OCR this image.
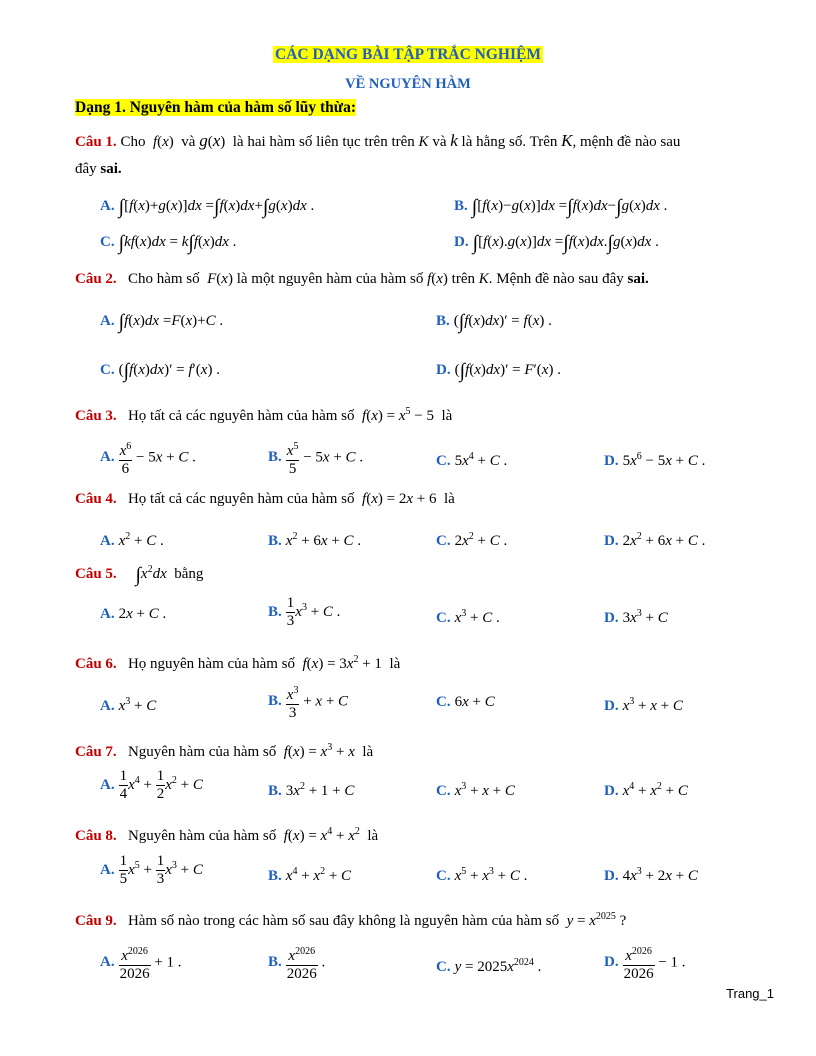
CÁC DẠNG BÀI TẬP TRẮC NGHIỆM
VỀ NGUYÊN HÀM
Dạng 1. Nguyên hàm của hàm số lũy thừa:
Câu 1. Cho f(x)  và g(x)  là hai hàm số liên tục trên trên K và k là hằng số. Trên K, mệnh đề nào sau
đây sai.
A. ∫[f(x)+g(x)]dx =∫f(x)dx+∫g(x)dx .	B. ∫[f(x)−g(x)]dx =∫f(x)dx−∫g(x)dx .
C. ∫kf(x)dx = k∫f(x)dx .	D. ∫[f(x).g(x)]dx =∫f(x)dx.∫g(x)dx .
Câu 2. Cho hàm số F(x) là một nguyên hàm của hàm số f(x) trên K. Mệnh đề nào sau đây sai.
A. ∫f(x)dx =F(x)+C .	B. (∫f(x)dx)′ = f(x) .
C. (∫f(x)dx)′ = f′(x) .	D. (∫f(x)dx)′ = F′(x) .
Câu 3. Họ tất cả các nguyên hàm của hàm số $f(x) = x^5 - 5$  là
A. $\frac{x^6}{6} - 5x + C$ .	B. $\frac{x^5}{5} - 5x + C$ .	C. $5x^4 + C$ .	D. $5x^6 - 5x + C$ .
Câu 4. Họ tất cả các nguyên hàm của hàm số f(x) = 2x + 6  là
A. $x^2 + C$ .	B. $x^2 + 6x + C$ .	C. $2x^2 + C$ .	D. $2x^2 + 6x + C$ .
Câu 5. $\int x^2dx$ bằng
A. 2x + C .	B. $\frac{1}{3} x^3 + C$ .	C. $x^3 + C$ .	D. $3x^3 + C$
Câu 6. Họ nguyên hàm của hàm số $f(x) = 3x^2 + 1$  là
A. $x^3 + C$	B. $\frac{x^3}{3} + x + C$	C. 6x + C	D. $x^3 + x + C$
Câu 7. Nguyên hàm của hàm số $f(x) = x^3 + x$ là
A. $\frac{1}{4} x^4 + \frac{1}{2} x^2 + C$	B. $3x^2 + 1 + C$	C. $x^3 + x + C$	D. $x^4 + x^2 + C$
Câu 8. Nguyên hàm của hàm số $f(x) = x^4 + x^2$ là
A. $\frac{1}{5} x^5 + \frac{1}{3} x^3 + C$	B. $x^4 + x^2 + C$	C. $x^5 + x^3 + C$ .	D. $4x^3 + 2x + C$
Câu 9. Hàm số nào trong các hàm số sau đây không là nguyên hàm của hàm số $y = x^{2025}$ ?
A. $\frac{x^{2026}}{2026} + 1$ .	B. $\frac{x^{2026}}{2026}$ .	C. $y = 2025x^{2024}$ .	D. $\frac{x^{2026}}{2026} - 1$ .
Trang_1
